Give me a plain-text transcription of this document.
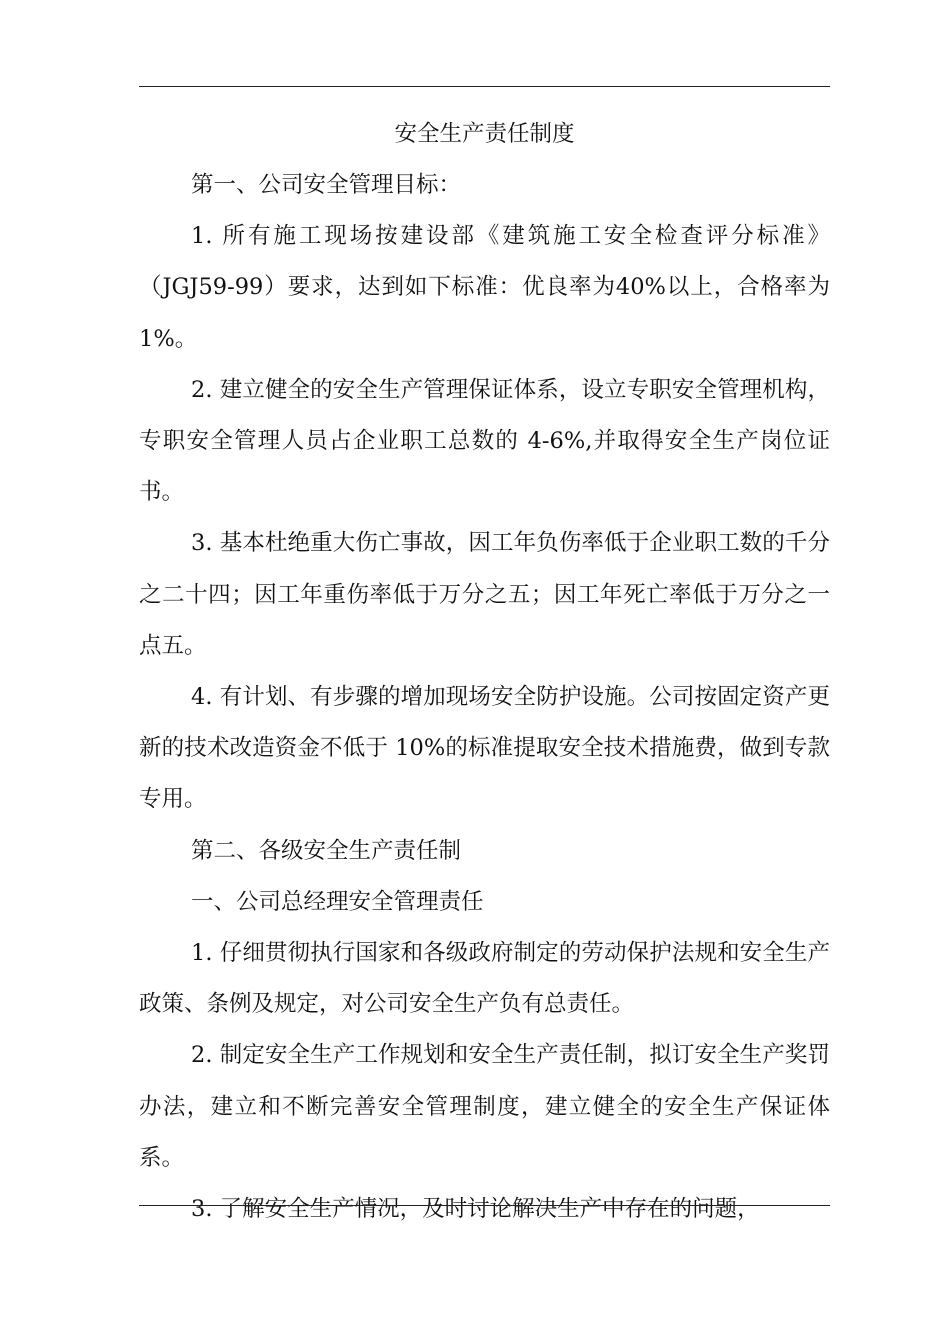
安全生产责任制度

第一、公司安全管理目标：

1. 所有施工现场按建设部《建筑施工安全检查评分标准》（JGJ59-99）要求，达到如下标准：优良率为40%以上，合格率为1%。

2. 建立健全的安全生产管理保证体系，设立专职安全管理机构，专职安全管理人员占企业职工总数的 4-6%,并取得安全生产岗位证书。

3. 基本杜绝重大伤亡事故，因工年负伤率低于企业职工数的千分之二十四；因工年重伤率低于万分之五；因工年死亡率低于万分之一点五。

4. 有计划、有步骤的增加现场安全防护设施。公司按固定资产更新的技术改造资金不低于 10%的标准提取安全技术措施费，做到专款专用。

第二、各级安全生产责任制

一、公司总经理安全管理责任

1. 仔细贯彻执行国家和各级政府制定的劳动保护法规和安全生产政策、条例及规定，对公司安全生产负有总责任。

2. 制定安全生产工作规划和安全生产责任制，拟订安全生产奖罚办法，建立和不断完善安全管理制度，建立健全的安全生产保证体系。

3. 了解安全生产情况，及时讨论解决生产中存在的问题，
